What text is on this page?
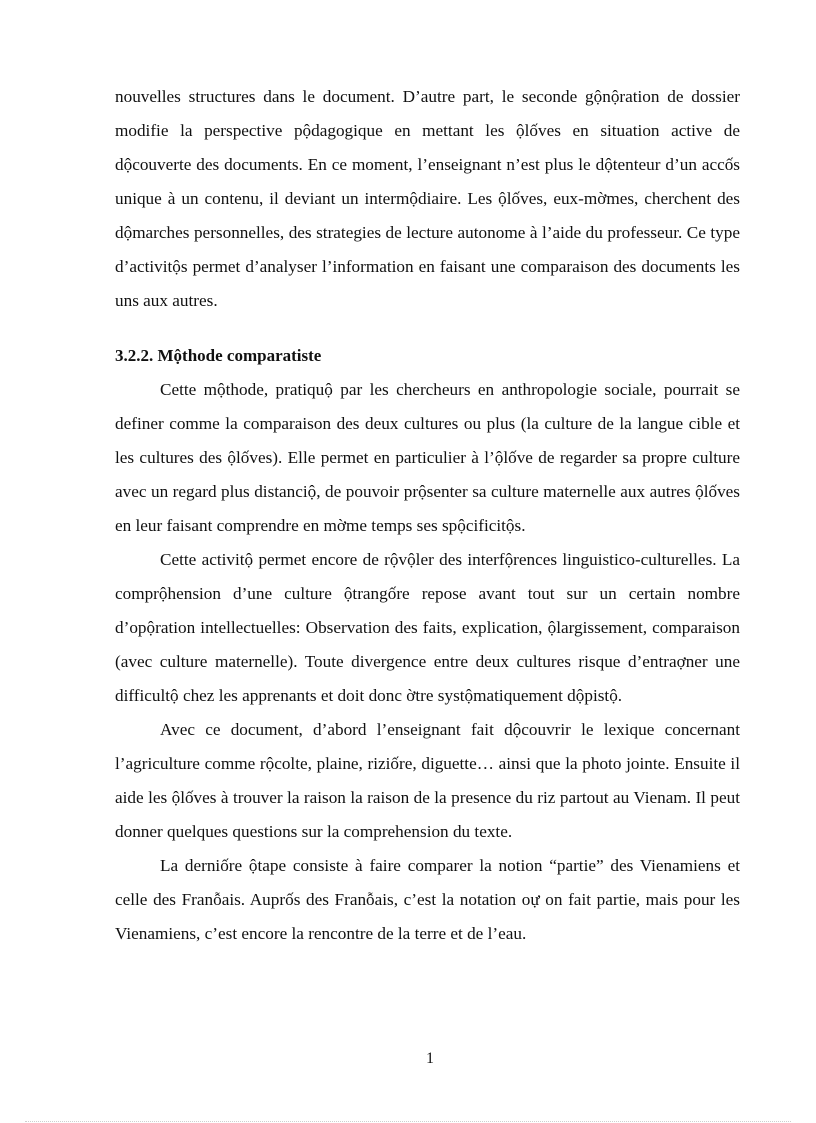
nouvelles structures dans le document. D’autre part, le seconde gộnộration de dossier modifie la perspective pộdagogique en mettant les ộlốves en situation active de dộcouverte des documents. En ce moment, l’enseignant n’est plus le dộtenteur d’un accốs unique à un contenu, il deviant un intermộdiaire. Les ộlốves, eux-mờmes, cherchent des dộmarches personnelles, des strategies de lecture autonome à l’aide du professeur. Ce type d’activitộs permet d’analyser l’information en faisant une comparaison des documents les uns aux autres.

3.2.2. Mộthode comparatiste

Cette mộthode, pratiquộ par les chercheurs en anthropologie sociale, pourrait se definer comme la comparaison des deux cultures ou plus (la culture de la langue cible et les cultures des ộlốves). Elle permet en particulier à l’ộlốve de regarder sa propre culture avec un regard plus distanciộ, de pouvoir prộsenter sa culture maternelle aux autres ộlốves en leur faisant comprendre en mờme temps ses spộcificitộs.

Cette activitộ permet encore de rộvộler des interfộrences linguistico-culturelles. La comprộhension d’une culture ộtrangốre repose avant tout sur un certain nombre d’opộration intellectuelles: Observation des faits, explication, ộlargissement, comparaison (avec culture maternelle). Toute divergence entre deux cultures risque d’entraợner une difficultộ chez les apprenants et doit donc ờtre systộmatiquement dộpistộ.

Avec ce document, d’abord l’enseignant fait dộcouvrir le lexique concernant l’agriculture comme rộcolte, plaine, riziốre, diguette… ainsi que la photo jointe. Ensuite il aide les ộlốves à trouver la raison la raison de la presence du riz partout au Vienam. Il peut donner quelques questions sur la comprehension du texte.

La derniốre ộtape consiste à faire comparer la notion “partie” des Vienamiens et celle des Franỗais. Auprốs des Franỗais, c’est la notation oự on fait partie, mais pour les Vienamiens, c’est encore la rencontre de la terre et de l’eau.

1
